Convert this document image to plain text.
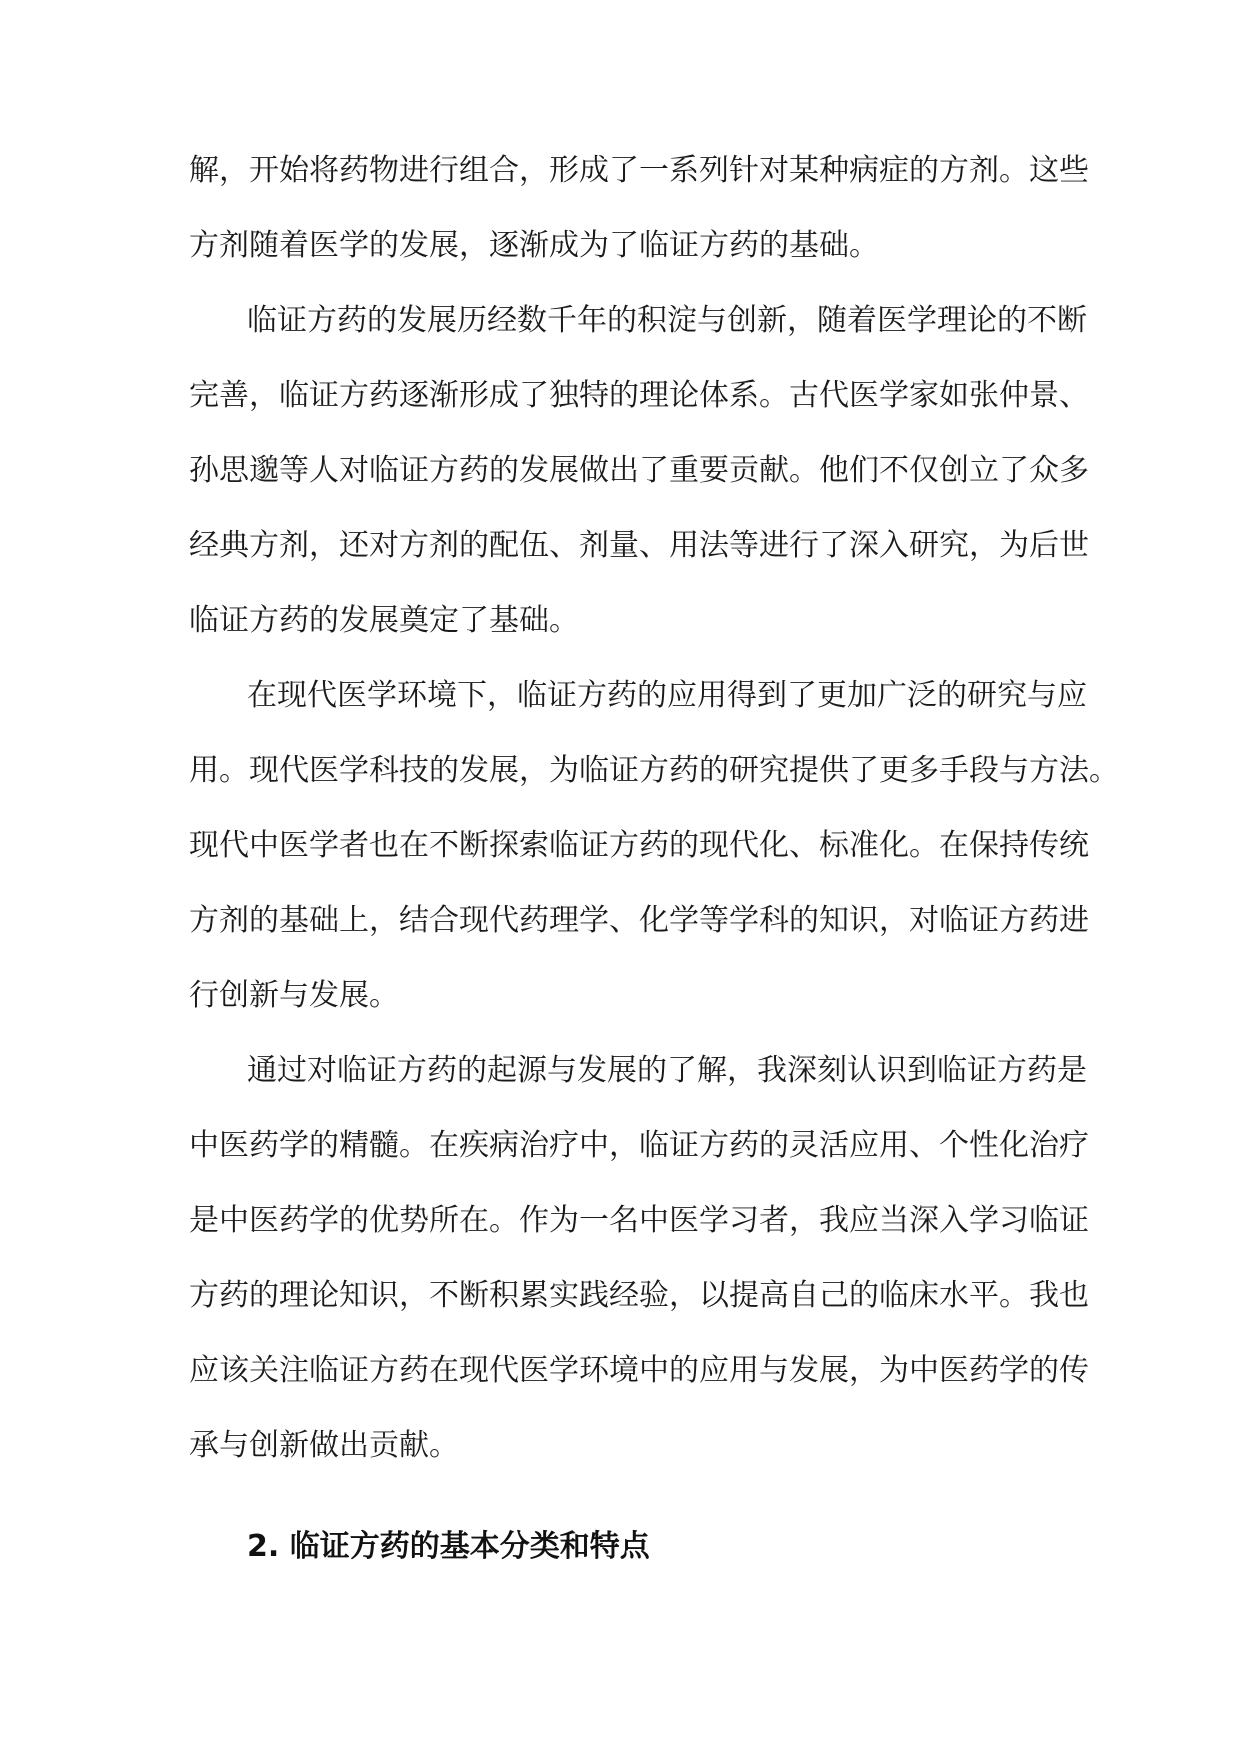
解，开始将药物进行组合，形成了一系列针对某种病症的方剂。这些
方剂随着医学的发展，逐渐成为了临证方药的基础。
临证方药的发展历经数千年的积淀与创新，随着医学理论的不断
完善，临证方药逐渐形成了独特的理论体系。古代医学家如张仲景、
孙思邈等人对临证方药的发展做出了重要贡献。他们不仅创立了众多
经典方剂，还对方剂的配伍、剂量、用法等进行了深入研究，为后世
临证方药的发展奠定了基础。
在现代医学环境下，临证方药的应用得到了更加广泛的研究与应
用。现代医学科技的发展，为临证方药的研究提供了更多手段与方法。
现代中医学者也在不断探索临证方药的现代化、标准化。在保持传统
方剂的基础上，结合现代药理学、化学等学科的知识，对临证方药进
行创新与发展。
通过对临证方药的起源与发展的了解，我深刻认识到临证方药是
中医药学的精髓。在疾病治疗中，临证方药的灵活应用、个性化治疗
是中医药学的优势所在。作为一名中医学习者，我应当深入学习临证
方药的理论知识，不断积累实践经验，以提高自己的临床水平。我也
应该关注临证方药在现代医学环境中的应用与发展，为中医药学的传
承与创新做出贡献。
2. 临证方药的基本分类和特点
